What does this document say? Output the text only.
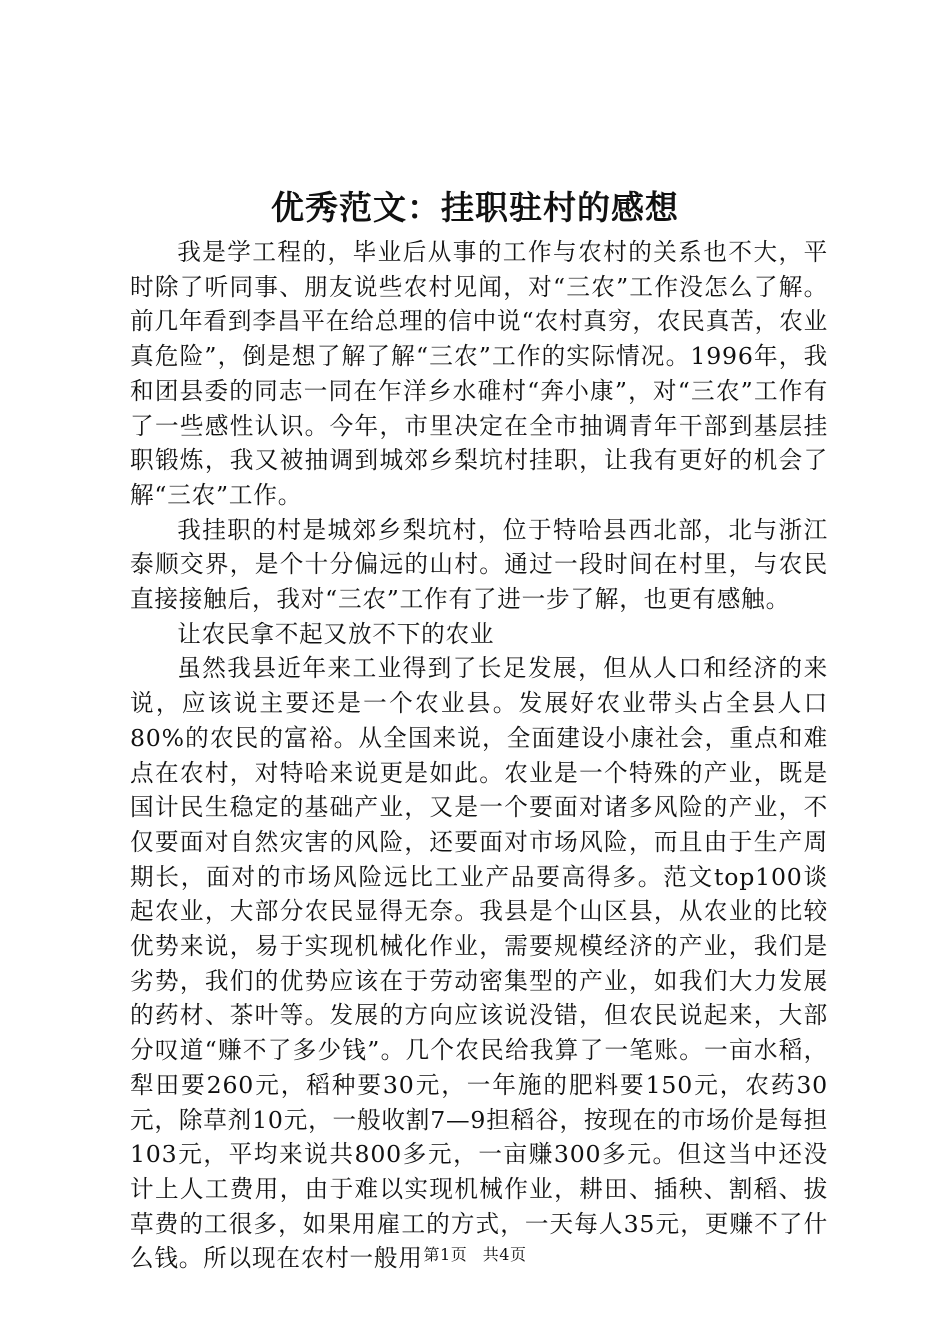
优秀范文：挂职驻村的感想

我是学工程的，毕业后从事的工作与农村的关系也不大，平时除了听同事、朋友说些农村见闻，对“三农”工作没怎么了解。前几年看到李昌平在给总理的信中说“农村真穷，农民真苦，农业真危险”，倒是想了解了解“三农”工作的实际情况。1996年，我和团县委的同志一同在乍洋乡水碓村“奔小康”，对“三农”工作有了一些感性认识。今年，市里决定在全市抽调青年干部到基层挂职锻炼，我又被抽调到城郊乡梨坑村挂职，让我有更好的机会了解“三农”工作。

我挂职的村是城郊乡梨坑村，位于特哈县西北部，北与浙江泰顺交界，是个十分偏远的山村。通过一段时间在村里，与农民直接接触后，我对“三农”工作有了进一步了解，也更有感触。

让农民拿不起又放不下的农业

虽然我县近年来工业得到了长足发展，但从人口和经济的来说，应该说主要还是一个农业县。发展好农业带头占全县人口80%的农民的富裕。从全国来说，全面建设小康社会，重点和难点在农村，对特哈来说更是如此。农业是一个特殊的产业，既是国计民生稳定的基础产业，又是一个要面对诸多风险的产业，不仅要面对自然灾害的风险，还要面对市场风险，而且由于生产周期长，面对的市场风险远比工业产品要高得多。范文top100谈起农业，大部分农民显得无奈。我县是个山区县，从农业的比较优势来说，易于实现机械化作业，需要规模经济的产业，我们是劣势，我们的优势应该在于劳动密集型的产业，如我们大力发展的药材、茶叶等。发展的方向应该说没错，但农民说起来，大部分叹道“赚不了多少钱”。几个农民给我算了一笔账。一亩水稻，犁田要260元，稻种要30元，一年施的肥料要150元，农药30元，除草剂10元，一般收割7—9担稻谷，按现在的市场价是每担103元，平均来说共800多元，一亩赚300多元。但这当中还没计上人工费用，由于难以实现机械作业，耕田、插秧、割稻、拔草费的工很多，如果用雇工的方式，一天每人35元，更赚不了什么钱。所以现在农村一般用 第1页 共4页
